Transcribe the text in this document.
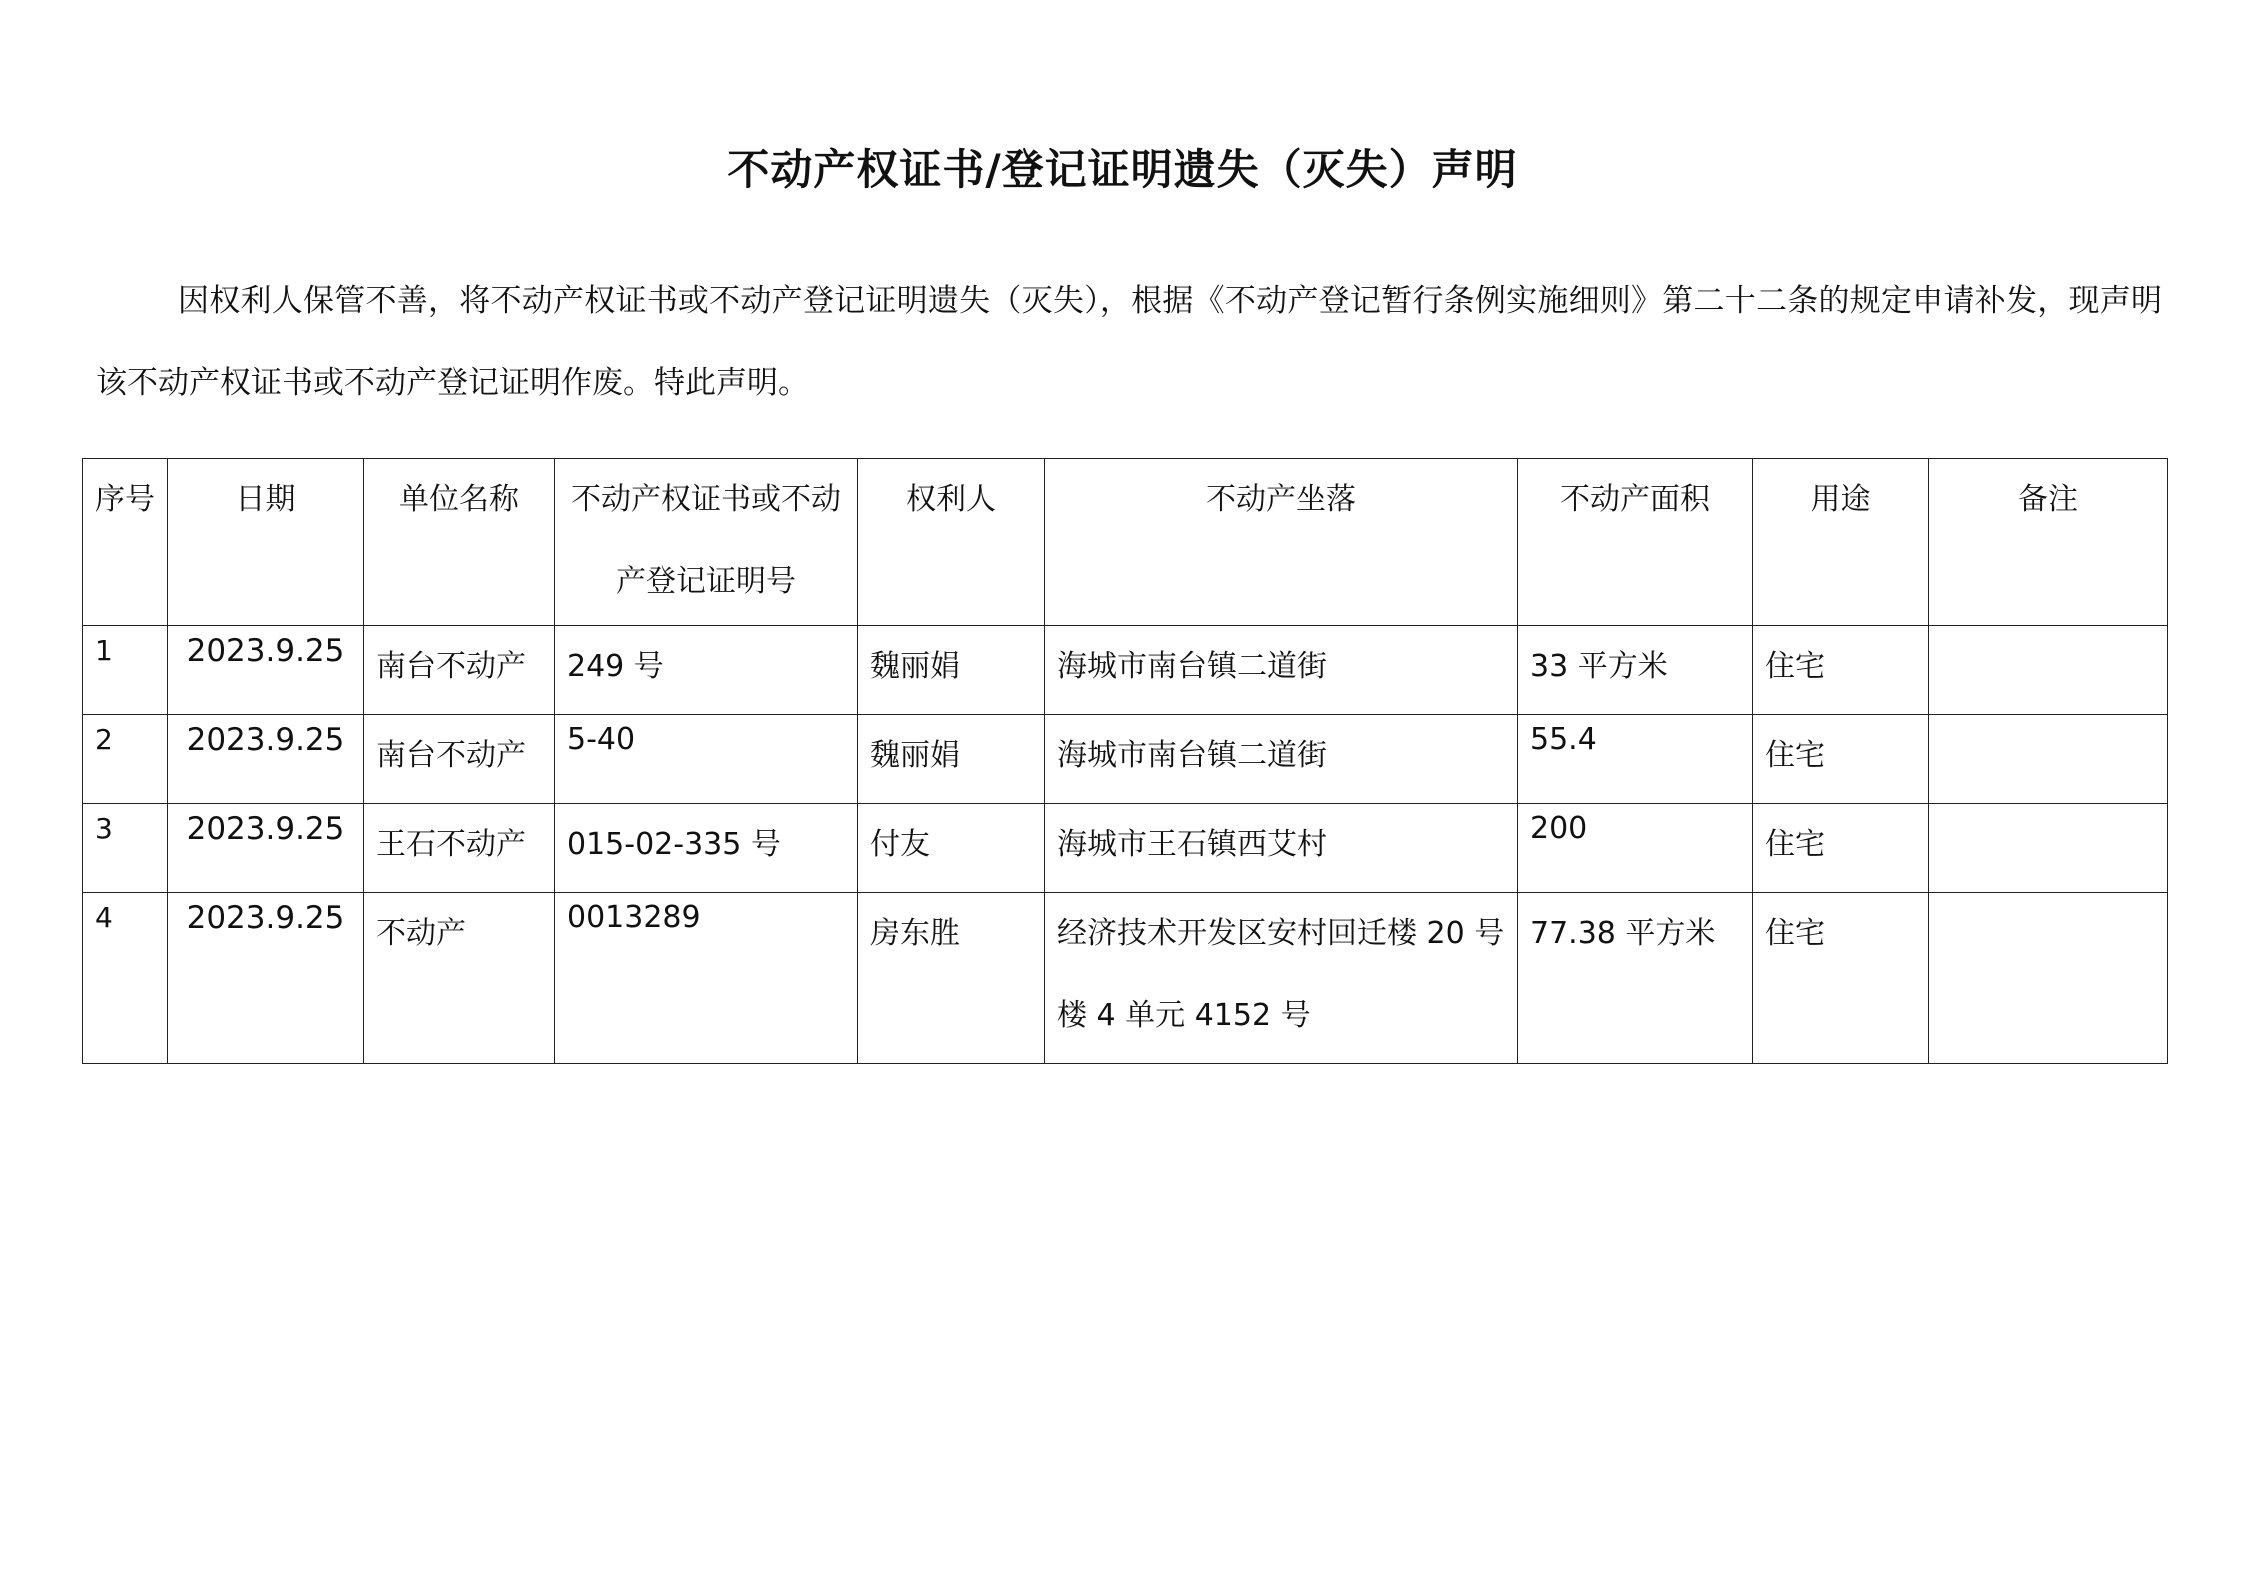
不动产权证书/登记证明遗失（灭失）声明

因权利人保管不善，将不动产权证书或不动产登记证明遗失（灭失），根据《不动产登记暂行条例实施细则》第二十二条的规定申请补发，现声明该不动产权证书或不动产登记证明作废。特此声明。

序号	日期	单位名称	不动产权证书或不动产登记证明号	权利人	不动产坐落	不动产面积	用途	备注
1	2023.9.25	南台不动产	249 号	魏丽娟	海城市南台镇二道街	33 平方米	住宅	
2	2023.9.25	南台不动产	5-40	魏丽娟	海城市南台镇二道街	55.4	住宅	
3	2023.9.25	王石不动产	015-02-335 号	付友	海城市王石镇西艾村	200	住宅	
4	2023.9.25	不动产	0013289	房东胜	经济技术开发区安村回迁楼 20 号楼 4 单元 4152 号	77.38 平方米	住宅	
